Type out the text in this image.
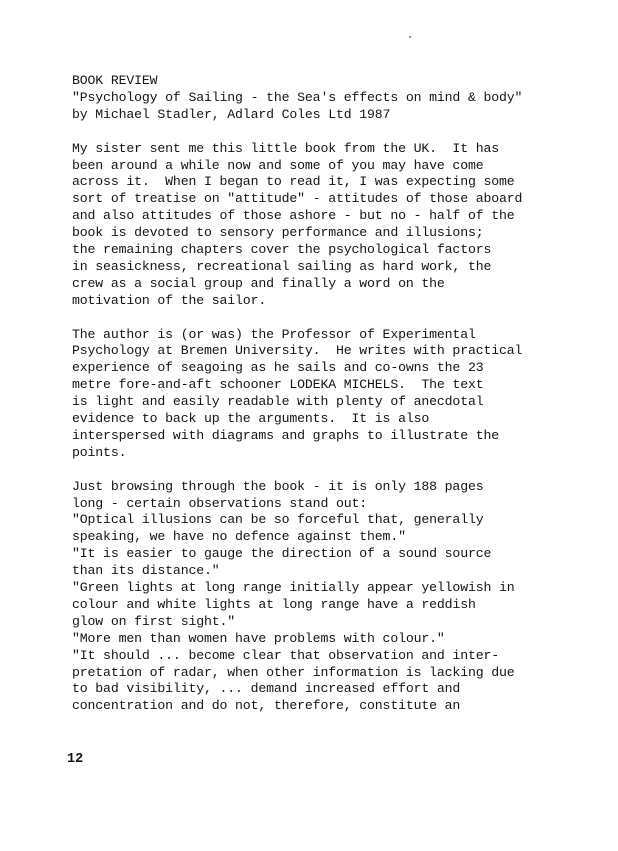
BOOK REVIEW
"Psychology of Sailing - the Sea's effects on mind & body"
by Michael Stadler, Adlard Coles Ltd 1987
My sister sent me this little book from the UK.  It has
been around a while now and some of you may have come
across it.  When I began to read it, I was expecting some
sort of treatise on "attitude" - attitudes of those aboard
and also attitudes of those ashore - but no - half of the
book is devoted to sensory performance and illusions;
the remaining chapters cover the psychological factors
in seasickness, recreational sailing as hard work, the
crew as a social group and finally a word on the
motivation of the sailor.
The author is (or was) the Professor of Experimental
Psychology at Bremen University.  He writes with practical
experience of seagoing as he sails and co-owns the 23
metre fore-and-aft schooner LODEKA MICHELS.  The text
is light and easily readable with plenty of anecdotal
evidence to back up the arguments.  It is also
interspersed with diagrams and graphs to illustrate the
points.
Just browsing through the book - it is only 188 pages
long - certain observations stand out:
"Optical illusions can be so forceful that, generally
speaking, we have no defence against them."
"It is easier to gauge the direction of a sound source
than its distance."
"Green lights at long range initially appear yellowish in
colour and white lights at long range have a reddish
glow on first sight."
"More men than women have problems with colour."
"It should ... become clear that observation and inter-
pretation of radar, when other information is lacking due
to bad visibility, ... demand increased effort and
concentration and do not, therefore, constitute an
12
